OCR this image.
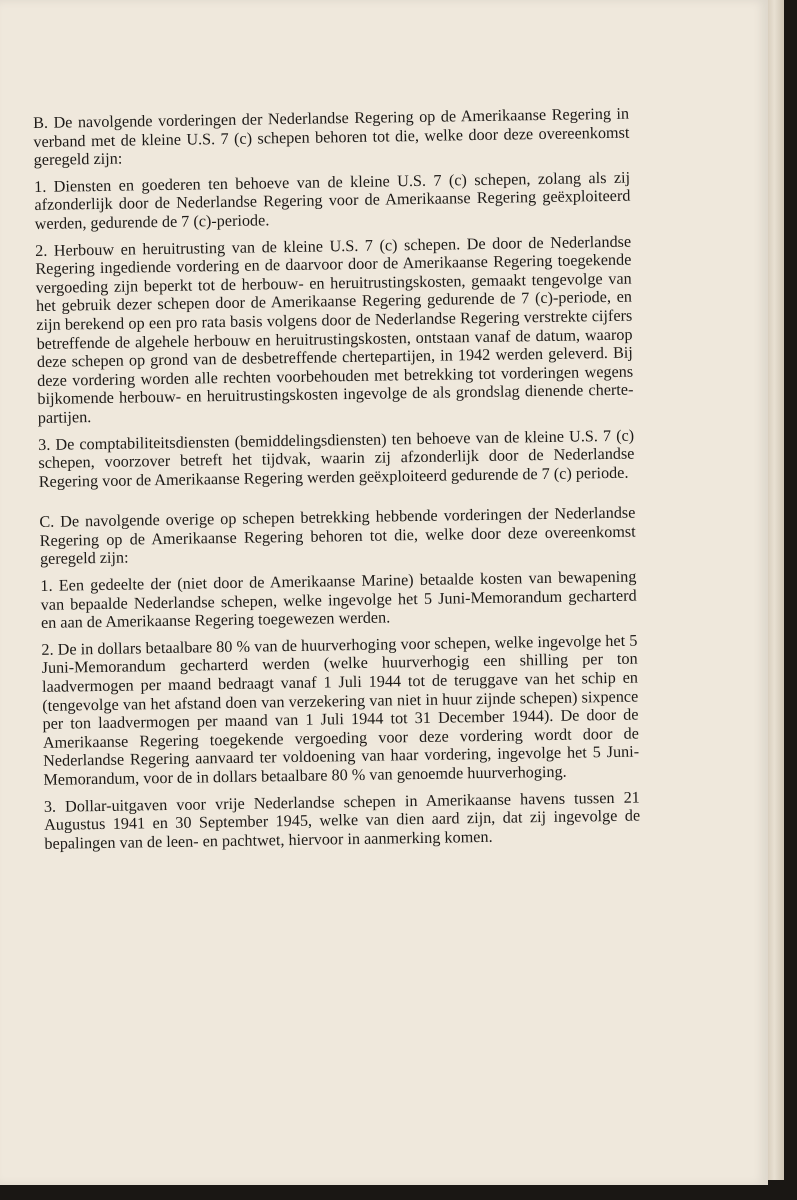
B. De navolgende vorderingen der Nederlandse Regering op de Amerikaanse Regering in verband met de kleine U.S. 7 (c) schepen behoren tot die, welke door deze overeenkomst geregeld zijn:

1. Diensten en goederen ten behoeve van de kleine U.S. 7 (c) schepen, zolang als zij afzonderlijk door de Nederlandse Regering voor de Amerikaanse Regering geëxploiteerd werden, gedurende de 7 (c)-periode.

2. Herbouw en heruitrusting van de kleine U.S. 7 (c) schepen. De door de Nederlandse Regering ingediende vordering en de daarvoor door de Amerikaanse Regering toegekende vergoeding zijn beperkt tot de herbouw- en heruitrustingskosten, gemaakt tengevolge van het gebruik dezer schepen door de Amerikaanse Regering gedurende de 7 (c)-periode, en zijn berekend op een pro rata basis volgens door de Nederlandse Regering verstrekte cijfers betreffende de algehele herbouw en heruitrustingskosten, ontstaan vanaf de datum, waarop deze schepen op grond van de desbetreffende chertepartijen, in 1942 werden geleverd. Bij deze vordering worden alle rechten voorbehouden met betrekking tot vorderingen wegens bijkomende herbouw- en heruitrustingskosten ingevolge de als grondslag dienende cherte-partijen.

3. De comptabiliteitsdiensten (bemiddelingsdiensten) ten behoeve van de kleine U.S. 7 (c) schepen, voorzover betreft het tijdvak, waarin zij afzonderlijk door de Nederlandse Regering voor de Amerikaanse Regering werden geëxploiteerd gedurende de 7 (c) periode.

C. De navolgende overige op schepen betrekking hebbende vorderingen der Nederlandse Regering op de Amerikaanse Regering behoren tot die, welke door deze overeenkomst geregeld zijn:

1. Een gedeelte der (niet door de Amerikaanse Marine) betaalde kosten van bewapening van bepaalde Nederlandse schepen, welke ingevolge het 5 Juni-Memorandum gecharterd en aan de Amerikaanse Regering toegewezen werden.

2. De in dollars betaalbare 80 % van de huurverhoging voor schepen, welke ingevolge het 5 Juni-Memorandum gecharterd werden (welke huurverhogig een shilling per ton laadvermogen per maand bedraagt vanaf 1 Juli 1944 tot de teruggave van het schip en (tengevolge van het afstand doen van verzekering van niet in huur zijnde schepen) sixpence per ton laadvermogen per maand van 1 Juli 1944 tot 31 December 1944). De door de Amerikaanse Regering toegekende vergoeding voor deze vordering wordt door de Nederlandse Regering aanvaard ter voldoening van haar vordering, ingevolge het 5 Juni-Memorandum, voor de in dollars betaalbare 80 % van genoemde huurverhoging.

3. Dollar-uitgaven voor vrije Nederlandse schepen in Amerikaanse havens tussen 21 Augustus 1941 en 30 September 1945, welke van dien aard zijn, dat zij ingevolge de bepalingen van de leen- en pachtwet, hiervoor in aanmerking komen.
